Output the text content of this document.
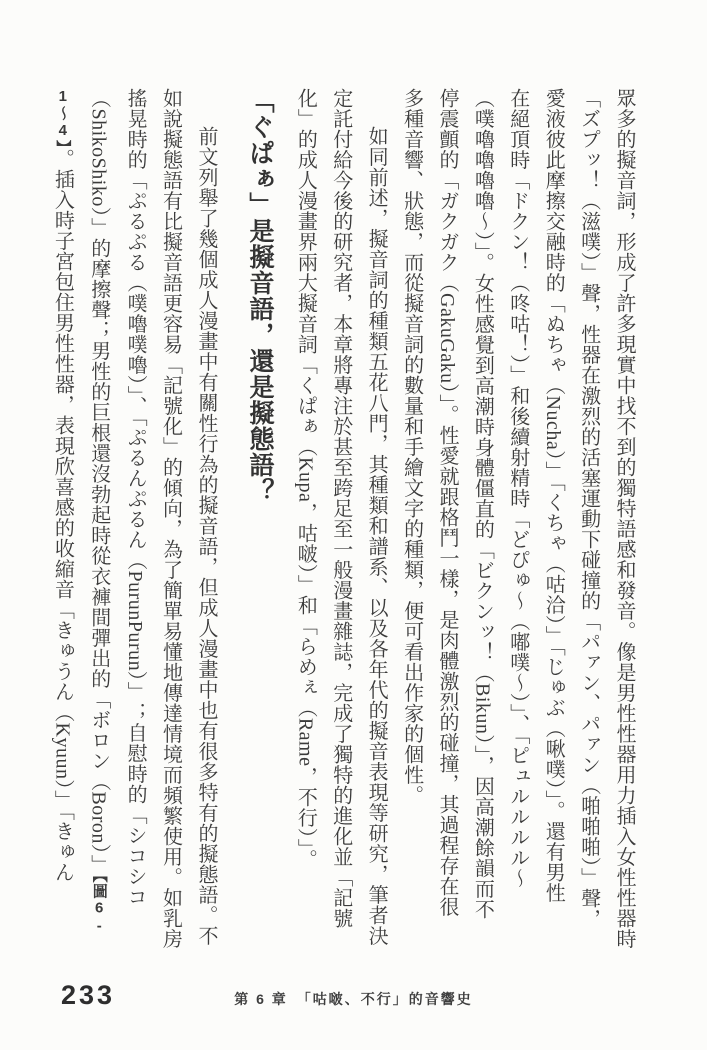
眾多的擬音詞，形成了許多現實中找不到的獨特語感和發音。像是男性性器用力插入女性性器時
「ズプッ！（滋噗）」聲，性器在激烈的活塞運動下碰撞的「パァン、パァン（啪啪啪）」聲，
愛液彼此摩擦交融時的「ぬちゃ（Nucha）」「くちゃ（咕洽）」「じゅぶ（啾噗）」。還有男性
在絕頂時「ドクン！（咚咕！）」和後續射精時「どぴゅ～（嘟噗～）」、「ピュルルルル～
（噗嚕嚕嚕嚕～）」。女性感覺到高潮時身體僵直的「ビクンッ！（Bikun）」，因高潮餘韻而不
停震顫的「ガクガク（GakuGaku）」。性愛就跟格鬥一樣，是肉體激烈的碰撞，其過程存在很
多種音響、狀態，而從擬音詞的數量和手繪文字的種類，便可看出作家的個性。
如同前述，擬音詞的種類五花八門，其種類和譜系、以及各年代的擬音表現等研究，筆者決
定託付給今後的研究者，本章將專注於甚至跨足至一般漫畫雜誌，完成了獨特的進化並「記號
化」的成人漫畫界兩大擬音詞「くぱぁ（Kupa，咕啵）」和「らめぇ（Rame，不行）」。
「ぐぱぁ」是擬音語，還是擬態語？
前文列舉了幾個成人漫畫中有關性行為的擬音語，但成人漫畫中也有很多特有的擬態語。不
如說擬態語有比擬音語更容易「記號化」的傾向，為了簡單易懂地傳達情境而頻繁使用。如乳房
搖晃時的「ぷるぷる（噗嚕噗嚕）」、「ぷるんぷるん（PurunPurun）」；自慰時的「シコシコ
（ShikoShiko）」的摩擦聲；男性的巨根還沒勃起時從衣褲間彈出的「ボロン（Boron）」【圖6-
1～4】。插入時子宮包住男性性器，表現欣喜感的收縮音「きゅうん（Kyuun）」「きゅん
233	第 6 章　「咕啵、不行」的音響史
